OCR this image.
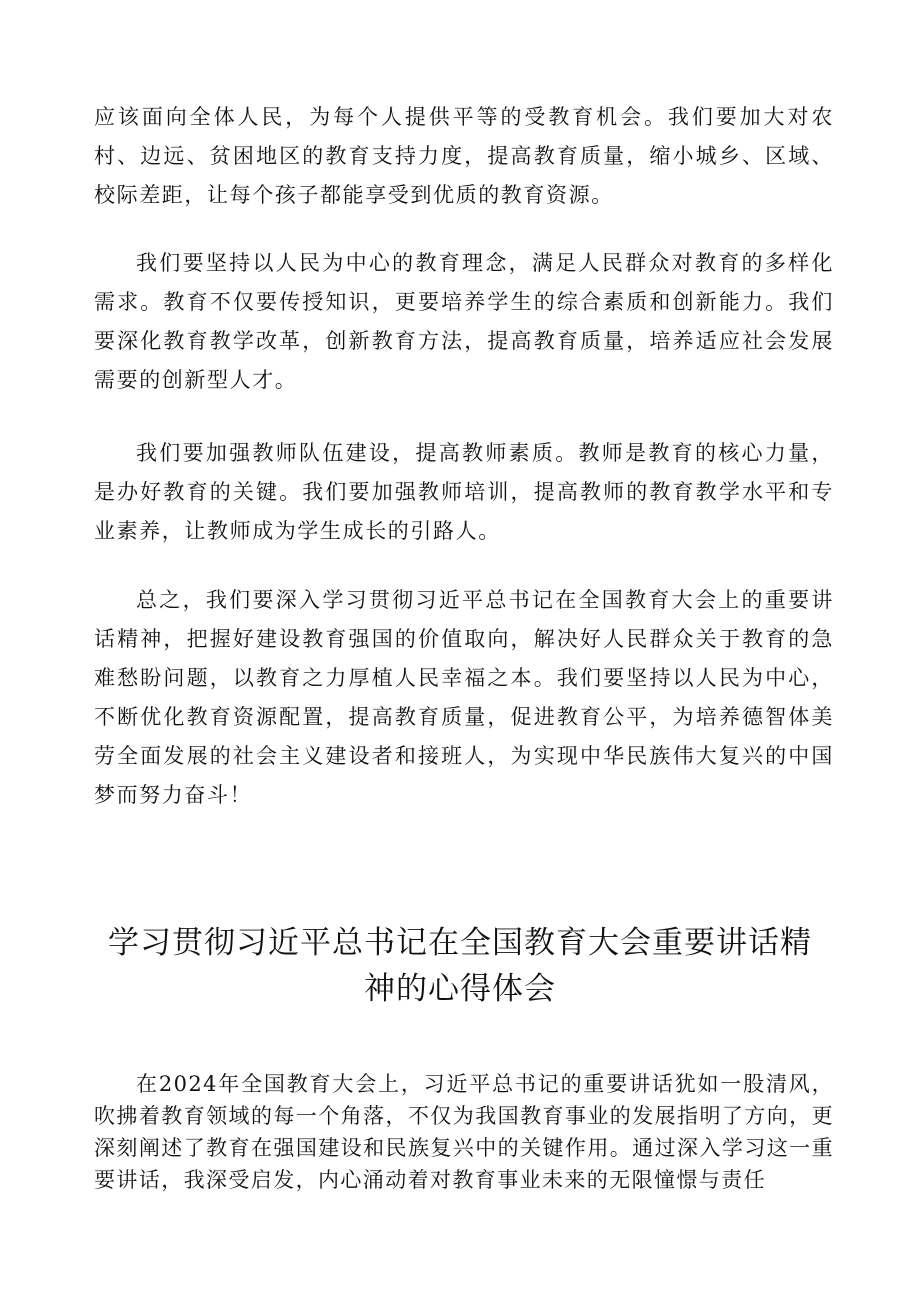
应该面向全体人民，为每个人提供平等的受教育机会。我们要加大对农村、边远、贫困地区的教育支持力度，提高教育质量，缩小城乡、区域、校际差距，让每个孩子都能享受到优质的教育资源。

我们要坚持以人民为中心的教育理念，满足人民群众对教育的多样化需求。教育不仅要传授知识，更要培养学生的综合素质和创新能力。我们要深化教育教学改革，创新教育方法，提高教育质量，培养适应社会发展需要的创新型人才。

我们要加强教师队伍建设，提高教师素质。教师是教育的核心力量，是办好教育的关键。我们要加强教师培训，提高教师的教育教学水平和专业素养，让教师成为学生成长的引路人。

总之，我们要深入学习贯彻习近平总书记在全国教育大会上的重要讲话精神，把握好建设教育强国的价值取向，解决好人民群众关于教育的急难愁盼问题，以教育之力厚植人民幸福之本。我们要坚持以人民为中心，不断优化教育资源配置，提高教育质量，促进教育公平，为培养德智体美劳全面发展的社会主义建设者和接班人，为实现中华民族伟大复兴的中国梦而努力奋斗！

学习贯彻习近平总书记在全国教育大会重要讲话精神的心得体会

在2024年全国教育大会上，习近平总书记的重要讲话犹如一股清风，吹拂着教育领域的每一个角落，不仅为我国教育事业的发展指明了方向，更深刻阐述了教育在强国建设和民族复兴中的关键作用。通过深入学习这一重要讲话，我深受启发，内心涌动着对教育事业未来的无限憧憬与责任
